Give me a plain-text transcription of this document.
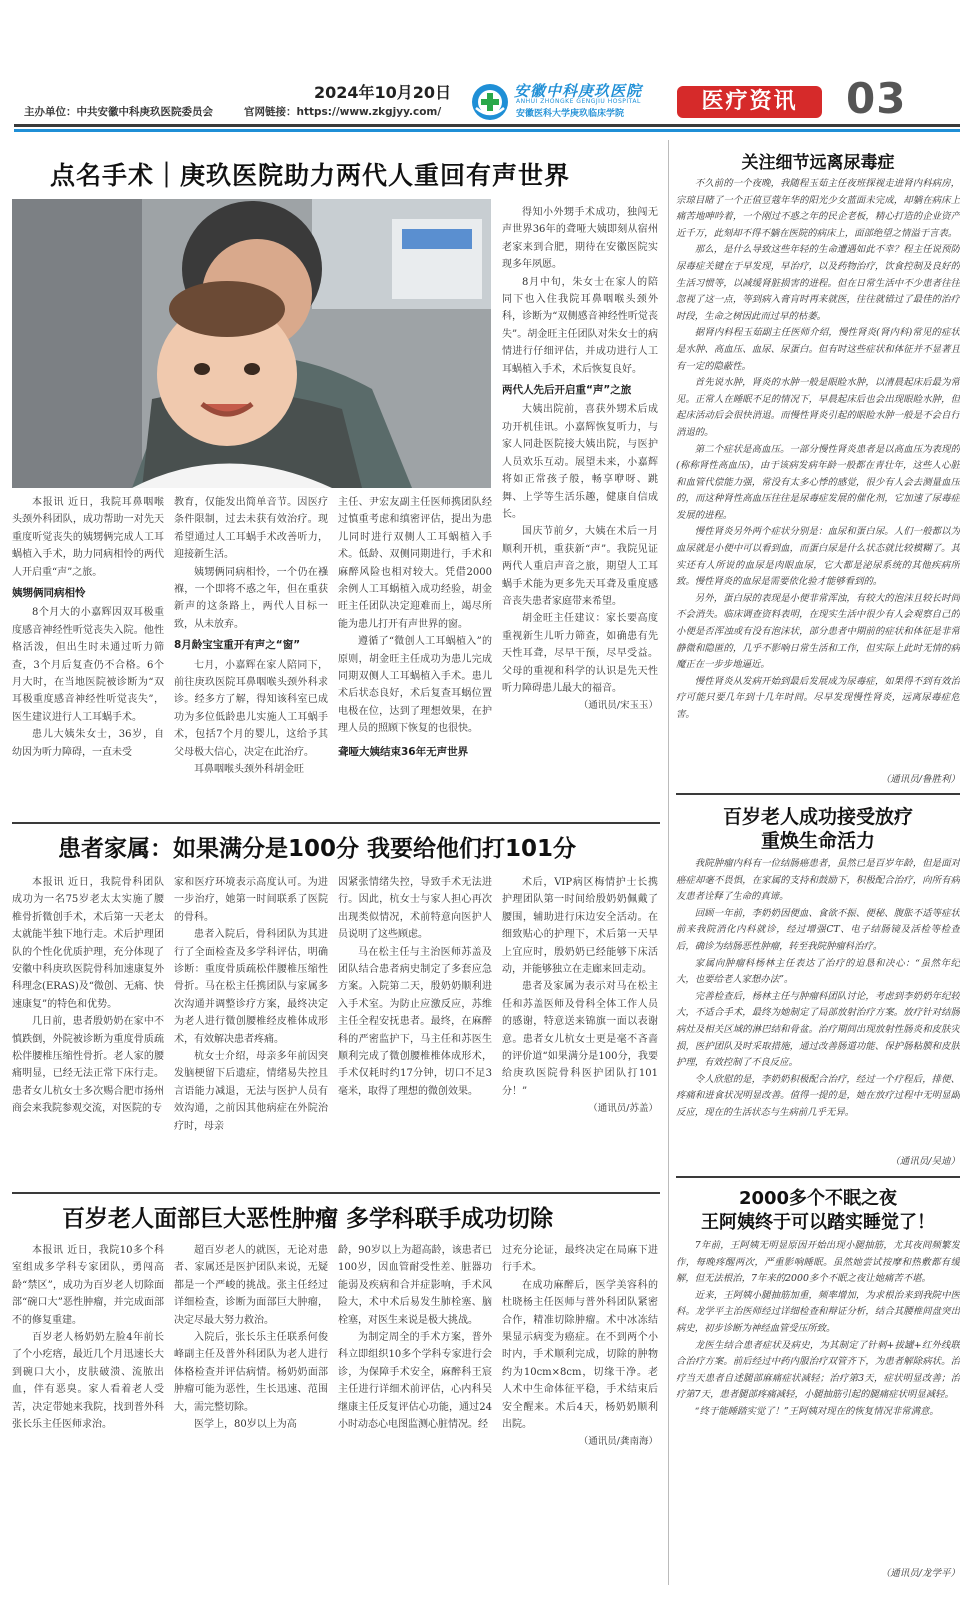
2024年10月20日
主办单位：中共安徽中科庚玖医院委员会	官网链接：https://www.zkgjyy.com/
安徽中科庚玖医院
ANHUI ZHONGKE GENGJIU HOSPITAL
安徽医科大学庚玖临床学院	医疗资讯	03
点名手术｜庚玖医院助力两代人重回有声世界

本报讯 近日，我院耳鼻咽喉头颈外科团队，成功帮助一对先天重度听觉丧失的姨甥俩完成人工耳蜗植入手术，助力同病相怜的两代人开启重“声”之旅。

姨甥俩同病相怜

8个月大的小嘉辉因双耳极重度感音神经性听觉丧失入院。他性格活泼，但出生时未通过听力筛查，3个月后复查仍不合格。6个月大时，在当地医院被诊断为“双耳极重度感音神经性听觉丧失”，医生建议进行人工耳蜗手术。

患儿大姨朱女士，36岁，自幼因为听力障碍，一直未受

教育，仅能发出简单音节。因医疗条件限制，过去未获有效治疗。现希望通过人工耳蜗手术改善听力，迎接新生活。

姨甥俩同病相怜，一个仍在襁褓，一个即将不惑之年，但在重获新声的这条路上，两代人目标一致，从未放弃。

8月龄宝宝重开有声之“窗”

七月，小嘉辉在家人陪同下，前往庚玖医院耳鼻咽喉头颈外科求诊。经多方了解，得知该科室已成功为多位低龄患儿实施人工耳蜗手术，包括7个月的婴儿，这给予其父母极大信心，决定在此治疗。

耳鼻咽喉头颈外科胡金旺

主任、尹宏友副主任医师携团队经过慎重考虑和缜密评估，提出为患儿同时进行双侧人工耳蜗植入手术。低龄、双侧同期进行，手术和麻醉风险也相对较大。凭借2000余例人工耳蜗植入成功经验，胡金旺主任团队决定迎难而上，竭尽所能为患儿打开有声世界的窗。

遵循了“微创人工耳蜗植入”的原则，胡金旺主任成功为患儿完成同期双侧人工耳蜗植入手术。患儿术后状态良好，术后复查耳蜗位置电极在位，达到了理想效果，在护理人员的照顾下恢复的也很快。

聋哑大姨结束36年无声世界

得知小外甥手术成功，独闯无声世界36年的聋哑大姨即刻从宿州老家来到合肥，期待在安徽医院实现多年夙愿。

8月中旬，朱女士在家人的陪同下也入住我院耳鼻咽喉头颈外科，诊断为“双侧感音神经性听觉丧失”。胡金旺主任团队对朱女士的病情进行仔细评估，并成功进行人工耳蜗植入手术，术后恢复良好。

两代人先后开启重“声”之旅

大姨出院前，喜获外甥术后成功开机佳讯。小嘉辉恢复听力，与家人同赴医院接大姨出院，与医护人员欢乐互动。展望未来，小嘉辉将如正常孩子般，畅享咿呀、跳舞、上学等生活乐趣，健康自信成长。

国庆节前夕，大姨在术后一月顺利开机，重获新“声”。我院见证两代人重启声音之旅，期望人工耳蜗手术能为更多先天耳聋及重度感音丧失患者家庭带来希望。

胡金旺主任建议：家长要高度重视新生儿听力筛查，如确患有先天性耳聋，尽早干预，尽早受益。父母的重视和科学的认识是先天性听力障碍患儿最大的福音。

（通讯员/宋玉玉）

患者家属：如果满分是100分 我要给他们打101分

本报讯 近日，我院骨科团队成功为一名75岁老太太实施了腰椎骨折微创手术，术后第一天老太太就能半独下地行走。术后护理团队的个性化优质护理，充分体现了安徽中科庚玖医院骨科加速康复外科理念(ERAS)及“微创、无痛、快速康复”的特色和优势。

几日前，患者殷奶奶在家中不慎跌倒，外院被诊断为重度骨质疏松伴腰椎压缩性骨折。老人家的腰痛明显，已经无法正常下床行走。患者女儿杭女士多次赐合肥市扬州商会来我院参观交流，对医院的专

家和医疗环境表示高度认可。为进一步治疗，她第一时间联系了医院的骨科。

患者入院后，骨科团队为其进行了全面检查及多学科评估，明确诊断：重度骨质疏松伴腰椎压缩性骨折。马在松主任携团队与家属多次沟通并调整诊疗方案，最终决定为老人进行微创腰椎经皮椎体成形术，有效解决患者疼痛。

杭女士介绍，母亲多年前因突发脑梗留下后遗症，情绪易失控且言语能力减退，无法与医护人员有效沟通，之前因其他病症在外院治疗时，母亲

因紧张情绪失控，导致手术无法进行。因此，杭女士与家人担心再次出现类似情况，术前特意向医护人员说明了这些顾虑。

马在松主任与主治医师苏盖及团队结合患者病史制定了多套应急方案。入院第二天，殷奶奶顺利进入手术室。为防止应激反应，苏维主任全程安抚患者。最终，在麻醉科的严密监护下，马主任和苏医生顺利完成了微创腰椎椎体成形术，手术仅耗时约17分钟，切口不足3毫米，取得了理想的微创效果。

术后，VIP病区梅情护士长携护理团队第一时间给殷奶奶佩戴了腰围，辅助进行床边安全活动。在细致贴心的护理下，术后第一天早上宜应时，殷奶奶已经能够下床活动，并能够独立在走廊来回走动。

患者及家属为表示对马在松主任和苏盖医师及骨科全体工作人员的感谢，特意送来锦旗一面以表谢意。患者女儿杭女士更是毫不吝啬的评价道“如果满分是100分，我要给庚玖医院骨科医护团队打101分！”

（通讯员/苏盖）

百岁老人面部巨大恶性肿瘤 多学科联手成功切除

本报讯 近日，我院10多个科室组成多学科专家团队，勇闯高龄“禁区”，成功为百岁老人切除面部“碗口大”恶性肿瘤，并完成面部不的修复重建。

百岁老人杨奶奶左脸4年前长了个小疙瘩，最近几个月迅速长大到碗口大小，皮肤破溃、流脓出血，伴有恶臭。家人看着老人受苦，决定带她来我院，找到普外科张长乐主任医师求治。

超百岁老人的就医，无论对患者、家属还是医护团队来说，无疑都是一个严峻的挑战。张主任经过详细检查，诊断为面部巨大肿瘤，决定尽最大努力救治。

入院后，张长乐主任联系何俊峰副主任及普外科团队为老人进行体格检查并评估病情。杨奶奶面部肿瘤可能为恶性，生长迅速、范围大，需完整切除。

医学上，80岁以上为高

龄，90岁以上为超高龄，该患者已100岁，因血管耐受性差、脏器功能弱及疾病和合并症影响，手术风险大，术中术后易发生肺栓塞、脑栓塞，对医生来说是极大挑战。

为制定周全的手术方案，普外科立即组织10多个学科专家进行会诊，为保障手术安全，麻醉科王宸主任进行详细术前评估，心内科吴继康主任反复评估心功能，通过24小时动态心电图监测心脏情况。经

过充分论证，最终决定在局麻下进行手术。

在成功麻醉后，医学美容科的杜晓杨主任医师与普外科团队紧密合作，精准切除肿瘤。术中冰冻结果显示病变为癌症。在不到两个小时内，手术顺利完成，切除的肿物约为10cm×8cm，切缘干净。老人术中生命体征平稳，手术结束后安全醒来。术后4天，杨奶奶顺利出院。

（通讯员/龚南海）

关注细节远离尿毒症

不久前的一个夜晚，我随程玉茹主任夜班探视走进肾内科病房，宗琼目睹了一个正值豆蔻年华的阳光少女蓝面未完成，却躺在病床上痛苦地呻吟着，一个刚过不惑之年的民企老板，精心打造的企业资产近千万，此刻却不得不躺在医院的病床上，面部绝望之情溢于言表。

那么，是什么导致这些年轻的生命遭遇如此不幸？程主任说预防尿毒症关键在于早发现，早治疗，以及药物治疗，饮食控制及良好的生活习惯等，以减缓肾脏损害的进程。但在日常生活中不少患者往往忽视了这一点，等到病入膏肓时再来就医，往往就错过了最佳的治疗时段，生命之树因此而过早的枯萎。

据肾内科程玉茹副主任医师介绍，慢性肾炎(肾内科)常见的症状是水肿、高血压、血尿、尿蛋白。但有时这些症状和体征并不显著且有一定的隐蔽性。

首先说水肿，肾炎的水肿一般是眼睑水肿，以清晨起床后最为常见。正常人在睡眠不足的情况下，早晨起床后也会出现眼睑水肿，但起床活动后会很快消退。而慢性肾炎引起的眼睑水肿一般是不会自行消退的。

第二个症状是高血压。一部分慢性肾炎患者是以高血压为表现的(称称肾性高血压)，由于该病发病年龄一般都在青壮年，这些人心脏和血管代偿能力强，常没有太多心悸的感觉，很少有人会去测量血压的，而这种肾性高血压往往是尿毒症发展的催化剂，它加速了尿毒症发展的进程。

慢性肾炎另外两个症状分别是：血尿和蛋白尿。人们一般都以为血尿就是小便中可以看到血，而蛋白尿是什么状态就比较模糊了。其实还有人所说的血尿是肉眼血尿，它大都是泌尿系统的其他疾病所致。慢性肾炎的血尿是需要依化验才能够看到的。

另外，蛋白尿的表现是小便非常浑浊，有较大的泡沫且较长时间不会消失。临床调查资料表明，在现实生活中很少有人会观察自己的小便是否浑浊或有没有泡沫状，部分患者中期前的症状和体征是非常静微和隐匿的，几乎不影响日常生活和工作，但实际上此时无情的病魔正在一步步地逼近。

慢性肾炎从发病开始到最后发展成为尿毒症，如果得不到有效治疗可能只要几年到十几年时间。尽早发现慢性肾炎，远离尿毒症危害。

（通讯员/鲁胜利）

百岁老人成功接受放疗
重焕生命活力

我院肿瘤内科有一位结肠癌患者，虽然已是百岁年龄，但是面对癌症却毫不畏惧，在家属的支持和鼓励下，积极配合治疗，向所有病友患者诠释了生命的真谛。

回顾一年前，李奶奶因便血、食欲不振、便秘、腹胀不适等症状前来我院消化内科就诊，经过增强CT、电子结肠镜及活检等检查后，确诊为结肠恶性肿瘤，转至我院肿瘤科治疗。

家属向肿瘤科杨林主任表达了治疗的迫恳和决心：“虽然年纪大，也要给老人家想办法”。

完善检查后，杨林主任与肿瘤科团队讨论，考虑到李奶奶年纪较大，不适合手术，最终为她制定了局部放射治疗方案。放疗针对结肠病灶及相关区域的淋巴结和骨盆。治疗期间出现放射性肠炎和皮肤灾损，医护团队及时采取措施，通过改善肠道功能、保护肠粘膜和皮肤护理，有效控制了不良反应。

令人欣慰的是，李奶奶积极配合治疗，经过一个疗程后，排便、疼痛和进食状况明显改善。值得一提的是，她在放疗过程中无明显副反应，现在的生活状态与生病前几乎无异。

（通讯员/吴迪）

2000多个不眠之夜
王阿姨终于可以踏实睡觉了！

7年前，王阿姨无明显原因开始出现小腿抽筋，尤其夜间频繁发作，每晚疼醒两次，严重影响睡眠。虽然她尝试按摩和热敷都有缓解，但无法根治，7年来的2000多个不眠之夜让她痛苦不堪。

近来，王阿姨小腿抽筋加重，频率增加，为求根治来到我院中医科。龙学平主治医师经过详细检查和辩证分析，结合其腰椎间盘突出病史，初步诊断为神经血管受压所致。

龙医生结合患者症状及病史，为其制定了针刺+拔罐+红外线联合治疗方案。前后经过中药内服治疗双管齐下，为患者解除病状。治疗当天患者自述腿部麻痛症状减轻；治疗第3天，症状明显改善；治疗第7天，患者腿部疼痛减轻，小腿抽筋引起的腿痛症状明显减轻。

“终于能睡踏实觉了！”王阿姨对现在的恢复情况非常满意。

（通讯员/龙学平）
